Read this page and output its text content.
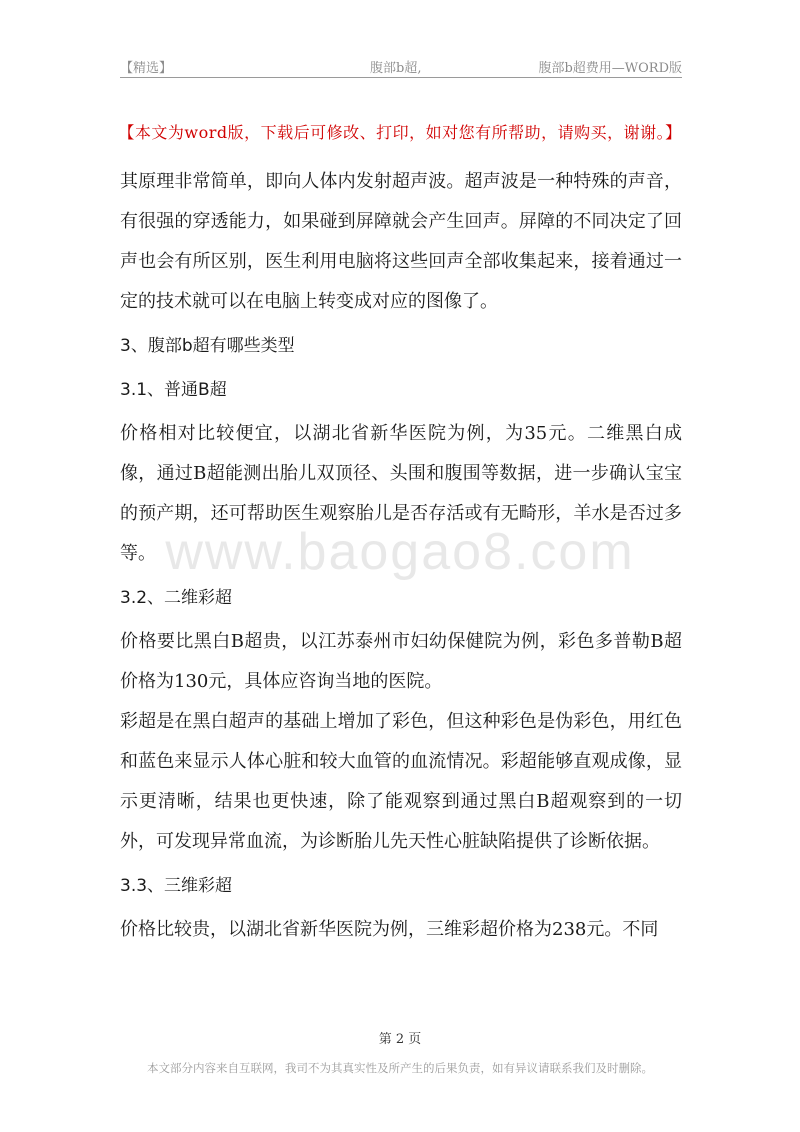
【精选】	腹部b超,	腹部b超费用—WORD版
【本文为word版，下载后可修改、打印，如对您有所帮助，请购买，谢谢。】

其原理非常简单，即向人体内发射超声波。超声波是一种特殊的声音，有很强的穿透能力，如果碰到屏障就会产生回声。屏障的不同决定了回声也会有所区别，医生利用电脑将这些回声全部收集起来，接着通过一定的技术就可以在电脑上转变成对应的图像了。

3、腹部b超有哪些类型

3.1、普通B超

价格相对比较便宜，以湖北省新华医院为例，为35元。二维黑白成像，通过B超能测出胎儿双顶径、头围和腹围等数据，进一步确认宝宝的预产期，还可帮助医生观察胎儿是否存活或有无畸形，羊水是否过多等。

3.2、二维彩超

价格要比黑白B超贵，以江苏泰州市妇幼保健院为例，彩色多普勒B超价格为130元，具体应咨询当地的医院。

彩超是在黑白超声的基础上增加了彩色，但这种彩色是伪彩色，用红色和蓝色来显示人体心脏和较大血管的血流情况。彩超能够直观成像，显示更清晰，结果也更快速，除了能观察到通过黑白B超观察到的一切外，可发现异常血流，为诊断胎儿先天性心脏缺陷提供了诊断依据。

3.3、三维彩超

价格比较贵，以湖北省新华医院为例，三维彩超价格为238元。不同

www.baogao8.com
第 2 页
本文部分内容来自互联网，我司不为其真实性及所产生的后果负责，如有异议请联系我们及时删除。
